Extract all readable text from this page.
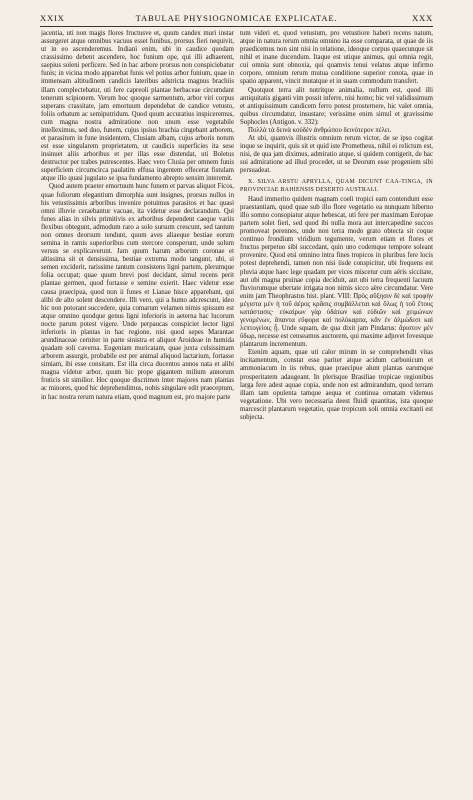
XXIX	TABULAE PHYSIOGNOMICAE EXPLICATAE.	XXX

jacentia, uti non magis flores fructusve et, quum candex muri instar assurgeret atque omnibus vacuus esset funibus, prorsus fieri nequivit, ut in eo ascenderemus. Indiani enim, ubi in caudice quodam crassissimo debent ascendere, hoc funium ope, qui illi adhaerent, saepius soleni perficere. Sed in hac arbore prorsus non conspiciebatur funis; in vicina modo apparebat funis vel potius arbor funium, quae in immensam altitudinem candicis lateribus adstricta magnus brachiis illam complectebatur, uti fere capreoli plantae herbaceae circumdant tenerum scipionem. Verum hoc quoque sarmentum, arbor viri corpus superans crassitate, jam emortuum dependebat de candice vetusto, foliis orbatum ac semiputridum. Quod quum accuratius inspiceremus, cum magna nostra admiratione non unum esse vegetabile intelleximus, sed duo, funem, cujus ipsius brachia cingebant arborem, et parasitum in fune insidentem, Clusiam albam, cujus arboris notum est esse singularem proprietatem, ut caudicis superficies ita sese insinuet aliis arboribus et per illas esse distendat, uti Boletus destructor per trabes putrescentes. Haec vero Clusia per omnem funis superficiem circumcirca paulatim effusa ingentem effecerat fistulam atque illo quasi jugulato se ipsa fundamento abrepto sensim interemit.

Quod autem praeter emortuum hunc funem et parvas aliquot Ficos, quae foliorum elegantium dimorphia sunt insignes, prorsus nullos in his vetustissimis arboribus invenire potuimus parasitos et hac quasi omni illuvie ceraebantur vacuae, ita videtur esse declarandum. Qui funes alias in silvis primitivis ex arboribus dependent caeque variis flexibus obtegunt, admodum raro a solo sursum crescunt, sed tantum non omnes deorsum tendunt, quum aves aliaeque bestiae eorum semina in ramis superioribus cum stercore consperunt, unde solum versus se explicaverunt. Jam quum harum arborum coronae et altissima sit et densissima, bestiae extrema modo tangunt, ubi, si semen exciderit, rarissime tantum consistens ligni partem, plerumque folia occupat; quae quum brevi post decidant, simul recens perit plantae germen, quod fortasse e semine exierit. Haec videtur esse causa praecipua, quod non ii funes et Lianae hisce apparebant, qui alibi de alto solent descendere. Illi vero, qui a humo adcrescunt, ideo hic non potorant succedere, quia comarum velamen nimis spissum est atque omnino quodque genus ligni inferioris in aeterna hac lucorum nocte parum potest vigere. Unde perpaucas conspiciet lector ligni inferioris in plantas in hac regione, nisi quod sepes Marantae arundinaceae cerniter in parte sinistra et aliquot Aroideae in humida quadam soli caverna. Eugeniam muricatam, quae juxta celsissimam arborem assurgit, probabile est per animal aliquod lactarium, fortasse simiam, ibi esse consitam. Est illa circa ducentos annos nata et alibi magna videtur arbor, quum hic prope gigantem milium annorum fruticis sit similior. Hoc quoque discrimen inter majores nam plantas ac minores, quod hic deprehendimus, nobis singulare edit praeceptum, in hac nostra rerum natura etiam, quod magnum est, pro majore parte

tum videri et, quod vetustum, pro vetustiore haberi recens natum, atque in natura rerum omnia omnino ita esse comparata, ut quae de iis praedicemus non sint nisi in relatione, ideoque corpus quaecunque sit nihil et inane ducendum. Itaque est utique animus, qui omnia regit, cui omnia sunt obnoxia, qui quamvis tenui velatus atque infirmo corpore, omnium rerum mutua conditione superior conota, quae in spatio apparent, vincit mutatque et in suam commodum transfert.

Quotquot terra alit nutritque animalia, nullum est, quod illi antiquitatis giganti vim possit inferre, nisi homo; hic vel validissimum et antiquissimum candicem ferro potest prosternere, hic valet omnia, quibus circumdatur, insustare; verissime enim simul et gravissime Sophocles (Antigon. v. 332):

Πολλὰ τὰ δεινὰ κοὐδὲν ἀνθρώπου δεινότερον πέλει.

At ubi, quamvis illustris omnium rerum victor, de se ipso cogitat inque se inquirit, quis sit et quid iste Prometheus, nihil ei relictum est, nisi, de qua jam diximus, admiratio atque, si quidem contigerit, de hac sui admiratione ad illud procedet, ut se Deorum esse progeniem sibi persuadeat.

X. SILVA ARSTU APRYLLA, QUAM DICUNT CAA-TINGA, IN PROVINCIAE BAHIENSIS DESERTO AUSTRALI.

Haud immerito quidem magnam coeli tropici eam contendunt esse praestantiam, quod quae sub illo flore vegetatio ea nunquam hiberno illo somno consopiatur atque hebescat, uti fere per maximam Europae partem solet fieri, sed quod ibi nulla mora aut intercapedine succos promoveat perennes, unde non terra modo grato obtecta sit coque continuo frondium viridium tegumente, verum etiam et flores et fructus perpetuo sibi succedant, quin uno codemque tempore soleant provenire. Quod etsi omnino intra fines tropicos in pluribus fere locis potest deprehendi, tamen non nisi iisde conspicitur, ubi frequens est pluvia atque haec lege quadam per vices miscetur cum aëris siccitate, aut ubi magna pruinae copia deciduit, aut ubi terra frequenti lacuum fluviorumque ubertate irrigata non nimis sicco aëre circumdatur. Vere enim jam Theophrastus hist. plant. VIII: Πρὸς αὔξησιν δὲ καὶ τροφὴν μέγιστα μὲν ἡ τοῦ ἀέρος κρᾶσις συμβάλλεται καὶ ὅλως ἡ τοῦ ἔτους κατάστασις· εὐκαίρων γὰρ ὑδάτων καὶ εὐδιῶν καὶ χειμώνων γενομένων, ἅπαντα εὔφορα καὶ πολύκαρπα, κἂν ἐν ἁλμώδεσι καὶ λεπτογείοις ᾖ. Unde squam, de qua dixit jam Pindarus: ἄριστον μὲν ὕδωρ, necesse est censeamus auctorem, qui maxime adjuvet fovestque plantarum incrementum.

Etenim aquam, quae uti calor mirum in se comprehendit vitas incitamentum, constat esse pariter atque acidum carbonicum et ammoniacum in iis rebus, quae praecipue alunt plantas earumque prosperitatem adaugeant. In plerisque Brasiliae tropicae regionibus larga fere adest aquae copia, unde non est admirandum, quod terram illam tam opulenta tamque aequa et continua ornatam videmus vegetatione. Ubi vero necessaria deest fluidi quantitas, ista quoque marcescit plantarum vegetatio, quae tropicum soli omnia excitanti est subjecta.
